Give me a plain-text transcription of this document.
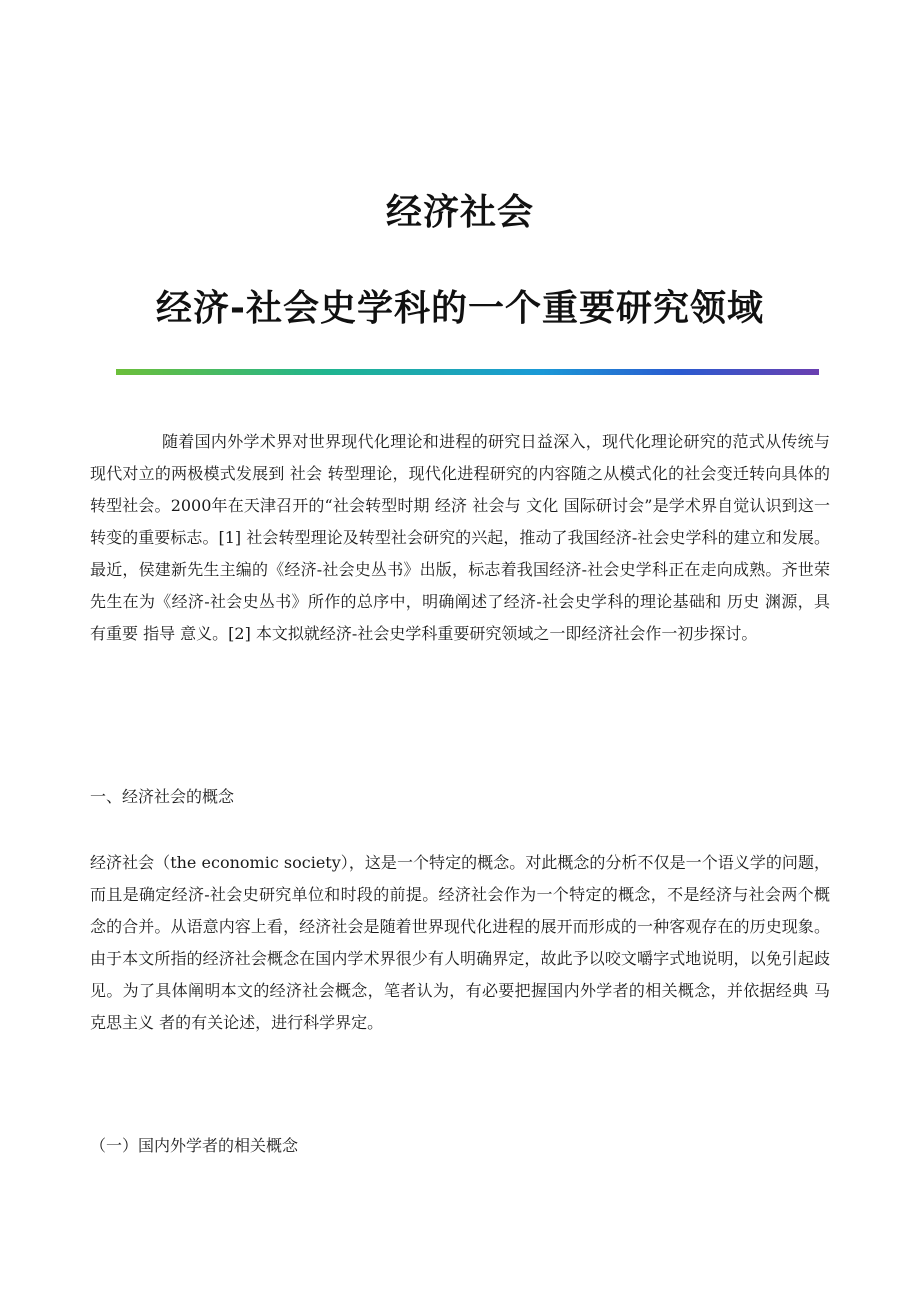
经济社会
经济-社会史学科的一个重要研究领域
随着国内外学术界对世界现代化理论和进程的研究日益深入，现代化理论研究的范式从传统与现代对立的两极模式发展到 社会 转型理论，现代化进程研究的内容随之从模式化的社会变迁转向具体的转型社会。2000年在天津召开的“社会转型时期 经济 社会与 文化 国际研讨会”是学术界自觉认识到这一转变的重要标志。[1] 社会转型理论及转型社会研究的兴起，推动了我国经济-社会史学科的建立和发展。最近，侯建新先生主编的《经济-社会史丛书》出版，标志着我国经济-社会史学科正在走向成熟。齐世荣先生在为《经济-社会史丛书》所作的总序中，明确阐述了经济-社会史学科的理论基础和 历史 渊源，具有重要 指导 意义。[2] 本文拟就经济-社会史学科重要研究领域之一即经济社会作一初步探讨。
一、经济社会的概念
经济社会（the economic society），这是一个特定的概念。对此概念的分析不仅是一个语义学的问题，而且是确定经济-社会史研究单位和时段的前提。经济社会作为一个特定的概念，不是经济与社会两个概念的合并。从语意内容上看，经济社会是随着世界现代化进程的展开而形成的一种客观存在的历史现象。由于本文所指的经济社会概念在国内学术界很少有人明确界定，故此予以咬文嚼字式地说明，以免引起歧见。为了具体阐明本文的经济社会概念，笔者认为，有必要把握国内外学者的相关概念，并依据经典 马克思主义 者的有关论述，进行科学界定。
（一）国内外学者的相关概念
